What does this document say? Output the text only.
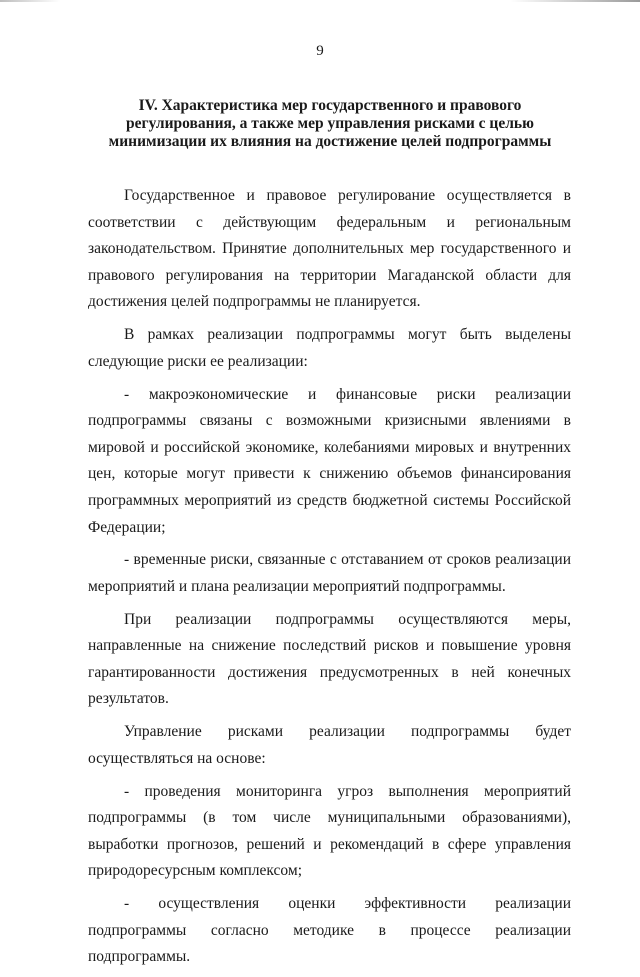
9
IV. Характеристика мер государственного и правового
регулирования, а также мер управления рисками с целью
минимизации их влияния на достижение целей подпрограммы

Государственное и правовое регулирование осуществляется в соответствии с действующим федеральным и региональным законодательством. Принятие дополнительных мер государственного и правового регулирования на территории Магаданской области для достижения целей подпрограммы не планируется.

В рамках реализации подпрограммы могут быть выделены следующие риски ее реализации:

- макроэкономические и финансовые риски реализации подпрограммы связаны с возможными кризисными явлениями в мировой и российской экономике, колебаниями мировых и внутренних цен, которые могут привести к снижению объемов финансирования программных мероприятий из средств бюджетной системы Российской Федерации;

- временные риски, связанные с отставанием от сроков реализации мероприятий и плана реализации мероприятий подпрограммы.

При реализации подпрограммы осуществляются меры, направленные на снижение последствий рисков и повышение уровня гарантированности достижения предусмотренных в ней конечных результатов.

Управление рисками реализации подпрограммы будет осуществляться на основе:

- проведения мониторинга угроз выполнения мероприятий подпрограммы (в том числе муниципальными образованиями), выработки прогнозов, решений и рекомендаций в сфере управления природоресурсным комплексом;

- осуществления оценки эффективности реализации подпрограммы согласно методике в процессе реализации подпрограммы.
